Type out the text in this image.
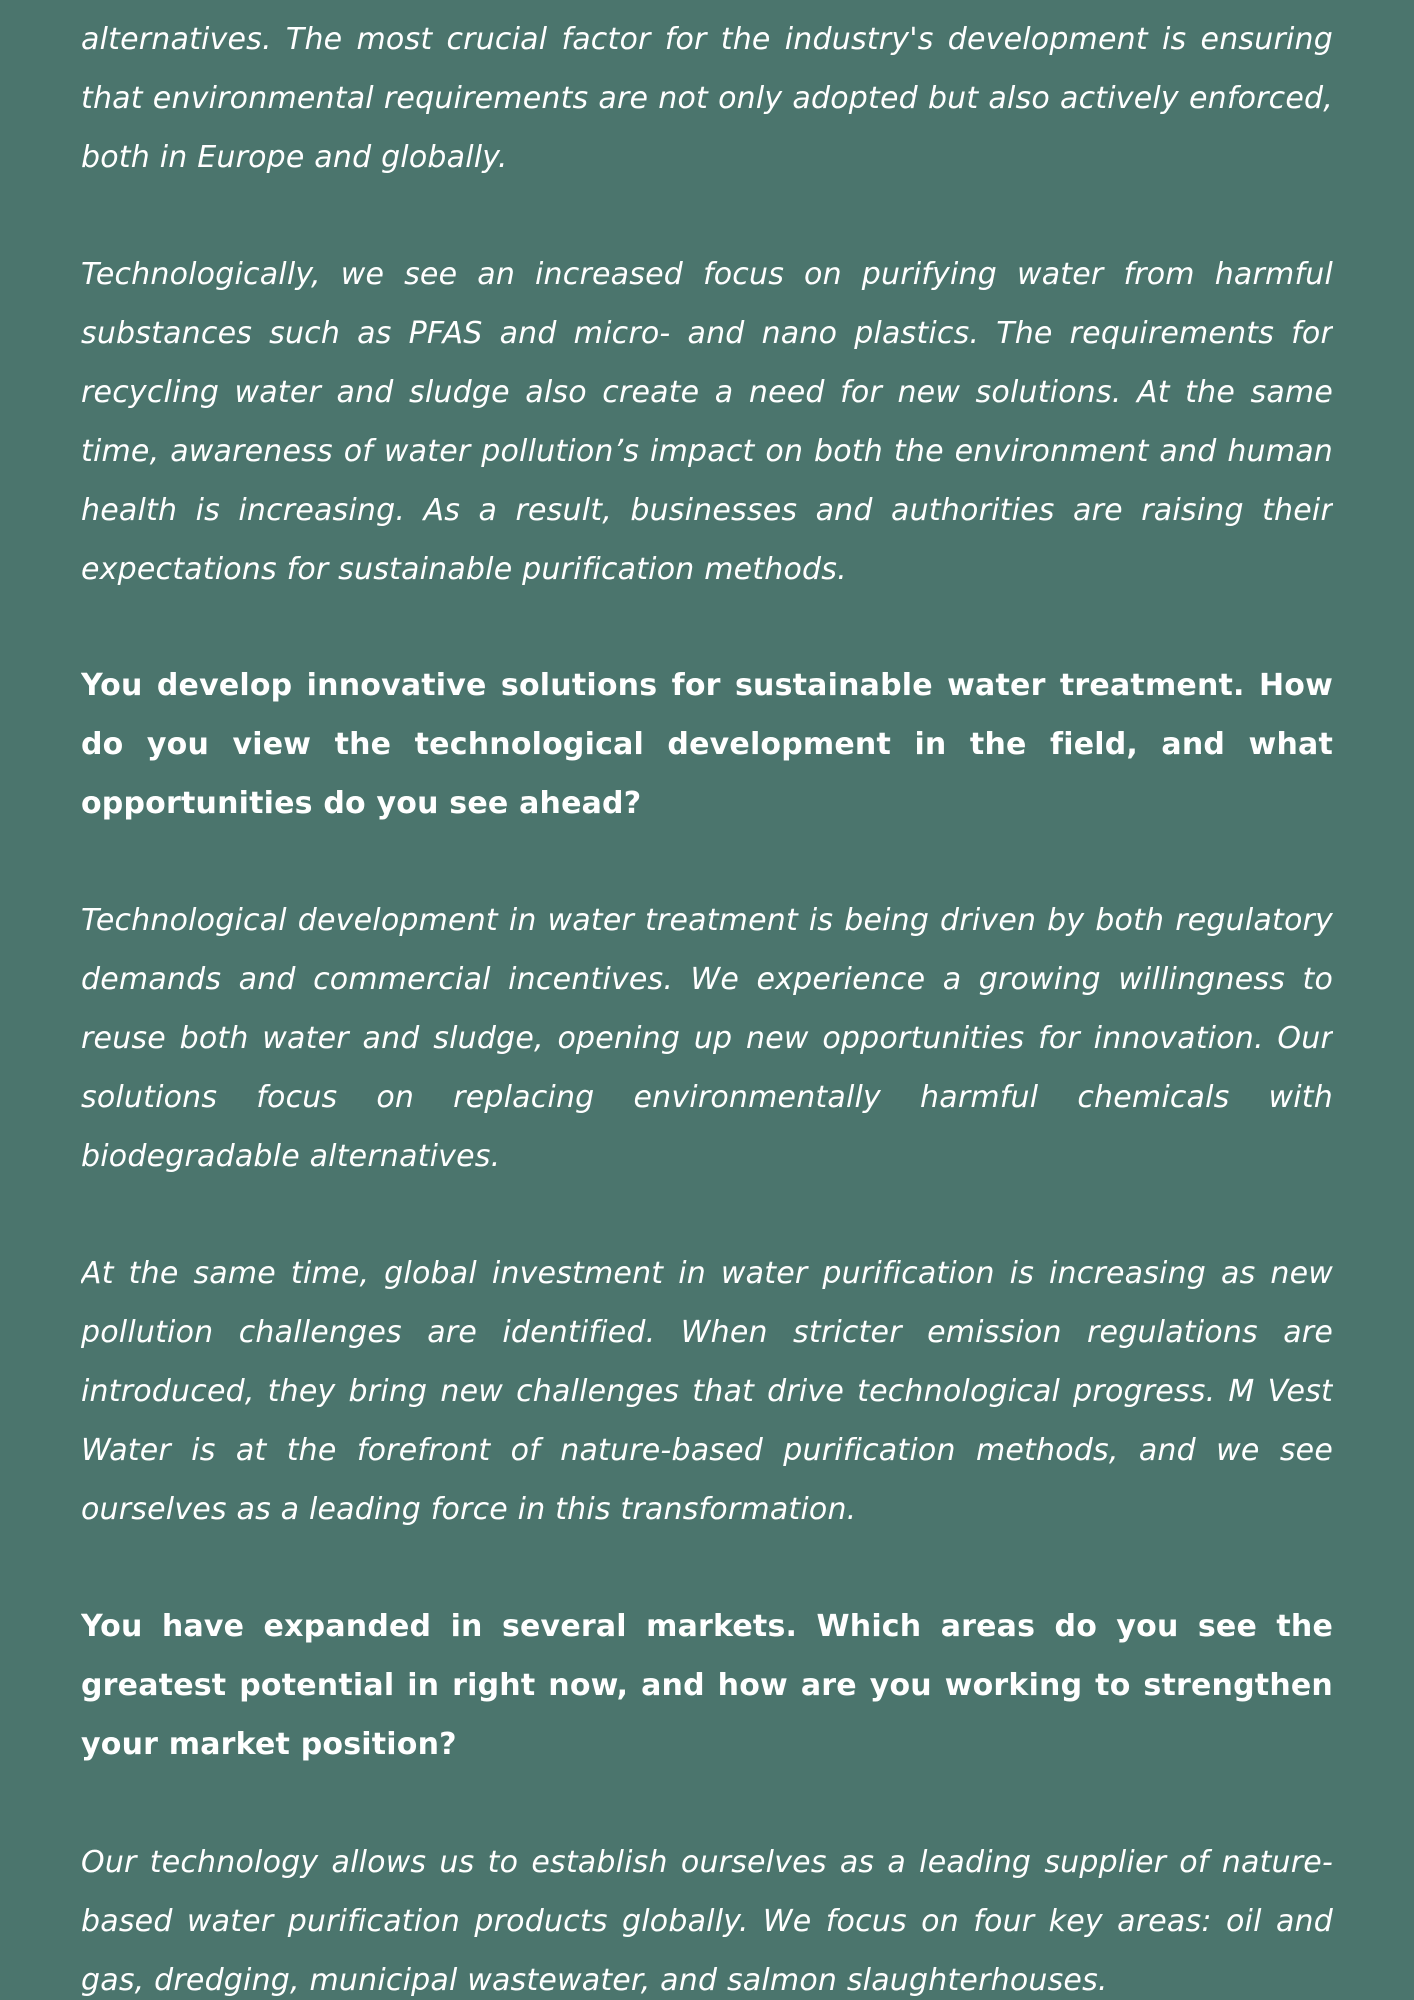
alternatives. The most crucial factor for the industry's development is ensuring that environmental requirements are not only adopted but also actively enforced, both in Europe and globally.

Technologically, we see an increased focus on purifying water from harmful substances such as PFAS and micro- and nano plastics. The requirements for recycling water and sludge also create a need for new solutions. At the same time, awareness of water pollution’s impact on both the environment and human health is increasing. As a result, businesses and authorities are raising their expectations for sustainable purification methods.

You develop innovative solutions for sustainable water treatment. How do you view the technological development in the field, and what opportunities do you see ahead?

Technological development in water treatment is being driven by both regulatory demands and commercial incentives. We experience a growing willingness to reuse both water and sludge, opening up new opportunities for innovation. Our solutions focus on replacing environmentally harmful chemicals with biodegradable alternatives.

At the same time, global investment in water purification is increasing as new pollution challenges are identified. When stricter emission regulations are introduced, they bring new challenges that drive technological progress. M Vest Water is at the forefront of nature-based purification methods, and we see ourselves as a leading force in this transformation.

You have expanded in several markets. Which areas do you see the greatest potential in right now, and how are you working to strengthen your market position?

Our technology allows us to establish ourselves as a leading supplier of nature-based water purification products globally. We focus on four key areas: oil and gas, dredging, municipal wastewater, and salmon slaughterhouses.
